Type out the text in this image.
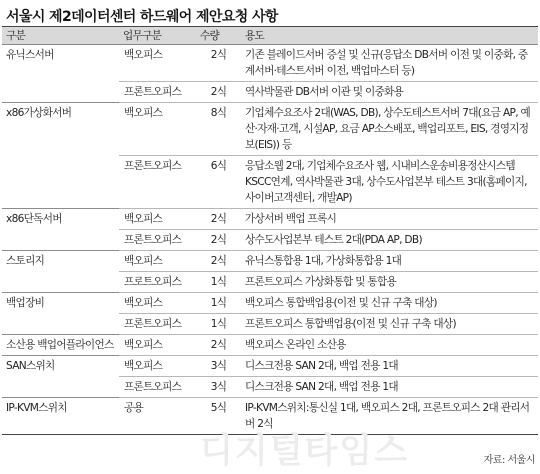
서울시 제2데이터센터 하드웨어 제안요청 사항
구분	업무구분	수량	용도
유닉스서버	백오피스	2식	기존 블레이드서버 증설 및 신규(응답소 DB서버 이전 및 이중화, 중계서버·테스트서버 이전, 백업마스터 등)
	프론트오피스	2식	역사박물관 DB서버 이관 및 이중화용
x86가상화서버	백오피스	8식	기업체수요조사 2대(WAS, DB), 상수도테스트서버 7대(요금 AP, 예산·자재·고객, 시설AP, 요금 AP소스배포, 백업리포트, EIS, 경영지정보(EIS)) 등
	프론트오피스	6식	응답소웹 2대, 기업체수요조사 웹, 시내비스운송비용정산시스템 KSCC연계, 역사박물관 3대, 상수도사업본부 테스트 3대(홈페이지, 사이버고객센터, 개발AP)
x86단독서버	백오피스	2식	가상서버 백업 프록시
	프론트오피스	2식	상수도사업본부 테스트 2대(PDA AP, DB)
스토리지	백오피스	2식	유닉스통합용 1대, 가상화통합용 1대
	프로트오피스	1식	프론트오피스 가상화통합 및 통합용
백업장비	백오피스	1식	백오피스 통합백업용(이전 및 신규 구축 대상)
	프론트오피스	1식	프론트오피스 통합백업용(이전 및 신규 구축 대상)
소산용 백업어플라이언스	백오피스	2식	백오피스 온라인 소산용
SAN스위치	백오피스	3식	디스크전용 SAN 2대, 백업 전용 1대
	프론트오피스	3식	디스크전용 SAN 2대, 백업 전용 1대
IP-KVM스위치	공용	5식	IP-KVM스위치:통신실 1대, 백오피스 2대, 프론트오피스 2대 관리서버 2식
디지털타임스	자료: 서울시
